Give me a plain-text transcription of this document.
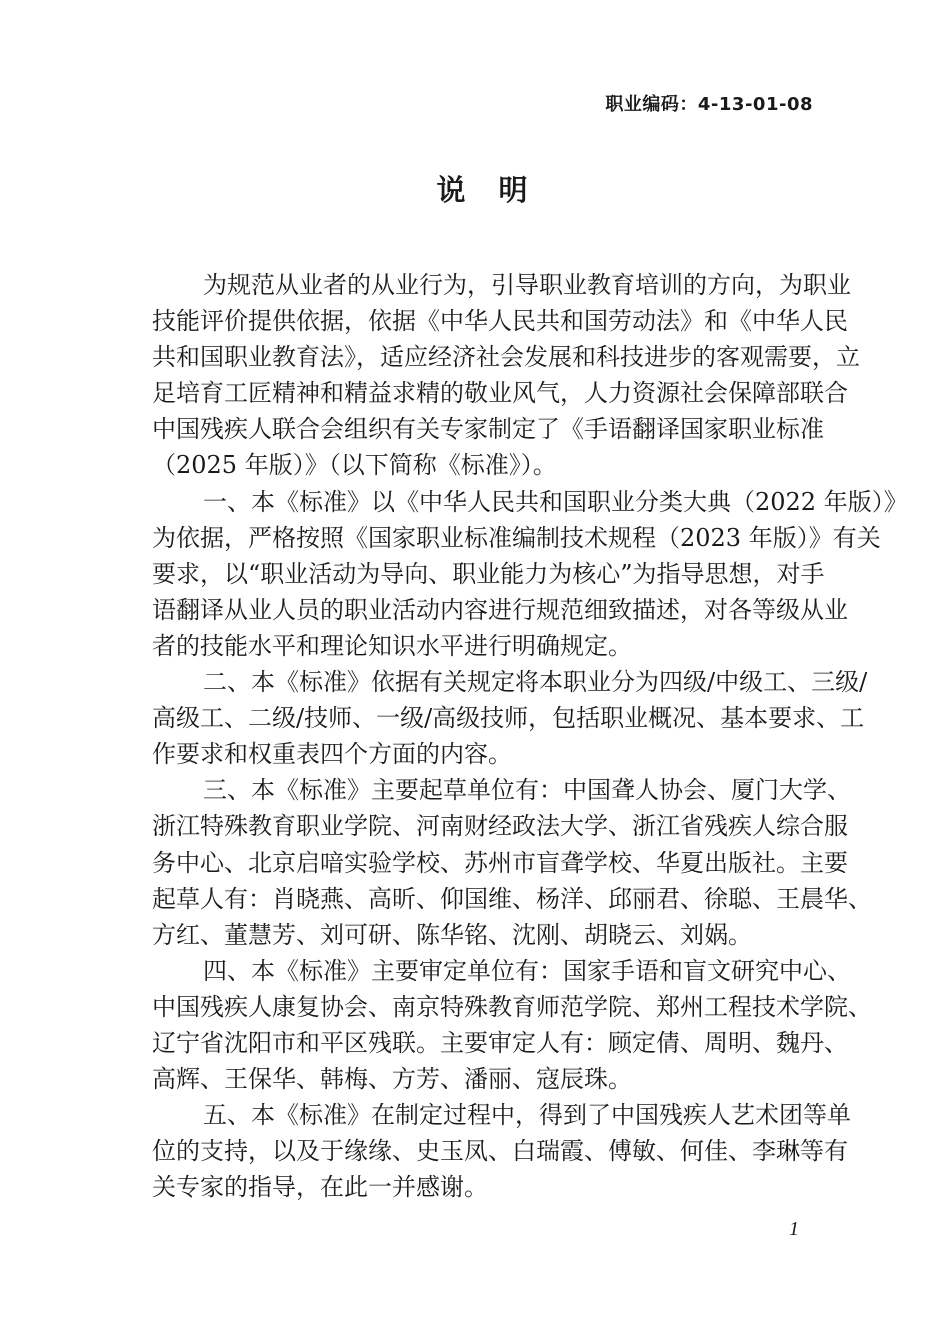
职业编码：4-13-01-08
说　明
为规范从业者的从业行为，引导职业教育培训的方向，为职业
技能评价提供依据，依据《中华人民共和国劳动法》和《中华人民
共和国职业教育法》，适应经济社会发展和科技进步的客观需要，立
足培育工匠精神和精益求精的敬业风气，人力资源社会保障部联合
中国残疾人联合会组织有关专家制定了《手语翻译国家职业标准
（2025 年版）》（以下简称《标准》）。
一、本《标准》以《中华人民共和国职业分类大典（2022 年版）》
为依据，严格按照《国家职业标准编制技术规程（2023 年版）》有关
要求，以“职业活动为导向、职业能力为核心”为指导思想，对手
语翻译从业人员的职业活动内容进行规范细致描述，对各等级从业
者的技能水平和理论知识水平进行明确规定。
二、本《标准》依据有关规定将本职业分为四级/中级工、三级/
高级工、二级/技师、一级/高级技师，包括职业概况、基本要求、工
作要求和权重表四个方面的内容。
三、本《标准》主要起草单位有：中国聋人协会、厦门大学、
浙江特殊教育职业学院、河南财经政法大学、浙江省残疾人综合服
务中心、北京启喑实验学校、苏州市盲聋学校、华夏出版社。主要
起草人有：肖晓燕、高昕、仰国维、杨洋、邱丽君、徐聪、王晨华、
方红、董慧芳、刘可研、陈华铭、沈刚、胡晓云、刘娲。
四、本《标准》主要审定单位有：国家手语和盲文研究中心、
中国残疾人康复协会、南京特殊教育师范学院、郑州工程技术学院、
辽宁省沈阳市和平区残联。主要审定人有：顾定倩、周明、魏丹、
高辉、王保华、韩梅、方芳、潘丽、寇辰珠。
五、本《标准》在制定过程中，得到了中国残疾人艺术团等单
位的支持，以及于缘缘、史玉凤、白瑞霞、傅敏、何佳、李琳等有
关专家的指导，在此一并感谢。
1
